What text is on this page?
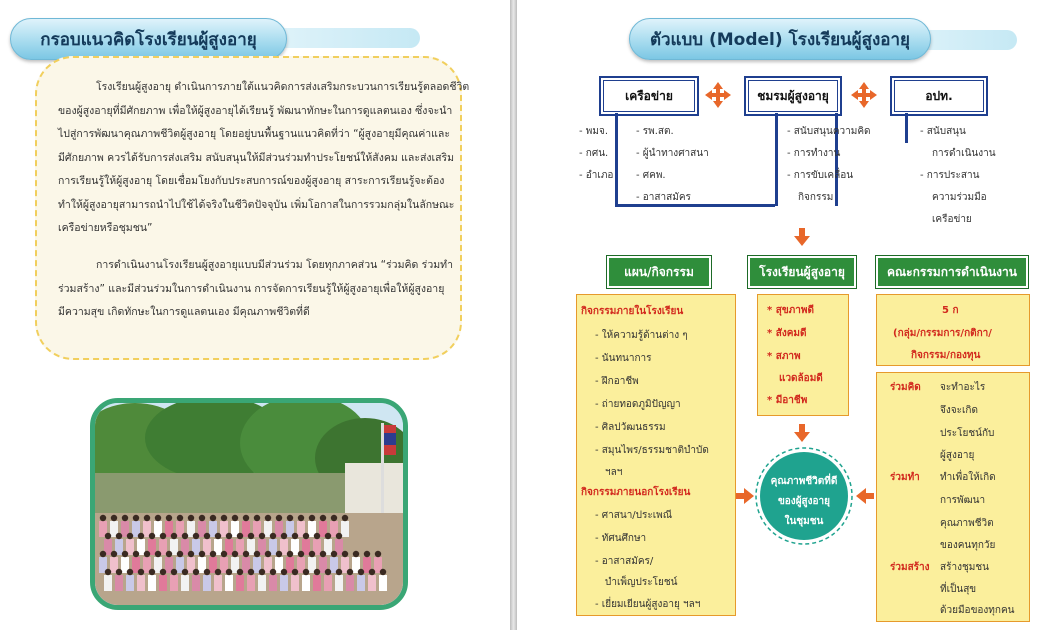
กรอบแนวคิดโรงเรียนผู้สูงอายุ
โรงเรียนผู้สูงอายุ ดำเนินการภายใต้แนวคิดการส่งเสริมกระบวนการเรียนรู้ตลอดชีวิต
ของผู้สูงอายุที่มีศักยภาพ เพื่อให้ผู้สูงอายุได้เรียนรู้ พัฒนาทักษะในการดูแลตนเอง ซึ่งจะนำ
ไปสู่การพัฒนาคุณภาพชีวิตผู้สูงอายุ โดยอยู่บนพื้นฐานแนวคิดที่ว่า “ผู้สูงอายุมีคุณค่าและ
มีศักยภาพ ควรได้รับการส่งเสริม สนับสนุนให้มีส่วนร่วมทำประโยชน์ให้สังคม และส่งเสริม
การเรียนรู้ให้ผู้สูงอายุ โดยเชื่อมโยงกับประสบการณ์ของผู้สูงอายุ สาระการเรียนรู้จะต้อง
ทำให้ผู้สูงอายุสามารถนำไปใช้ได้จริงในชีวิตปัจจุบัน เพิ่มโอกาสในการรวมกลุ่มในลักษณะ
เครือข่ายหรือชุมชน”
การดำเนินงานโรงเรียนผู้สูงอายุแบบมีส่วนร่วม โดยทุกภาคส่วน “ร่วมคิด ร่วมทำ
ร่วมสร้าง” และมีส่วนร่วมในการดำเนินงาน การจัดการเรียนรู้ให้ผู้สูงอายุเพื่อให้ผู้สูงอายุ
มีความสุข เกิดทักษะในการดูแลตนเอง มีคุณภาพชีวิตที่ดี
ตัวแบบ (Model) โรงเรียนผู้สูงอายุ
เครือข่าย	ชมรมผู้สูงอายุ	อปท.
- พมจ.
- กศน.
- อำเภอ
- รพ.สต.
- ผู้นำทางศาสนา
- ศคพ.
- อาสาสมัคร
- สนับสนุนความคิด
- การทำงาน
- การขับเคลื่อน
กิจกรรม
- สนับสนุน
การดำเนินงาน
- การประสาน
ความร่วมมือ
เครือข่าย
แผน/กิจกรรม	โรงเรียนผู้สูงอายุ	คณะกรรมการดำเนินงาน
กิจกรรมภายในโรงเรียน
- ให้ความรู้ด้านต่าง ๆ
- นันทนาการ
- ฝึกอาชีพ
- ถ่ายทอดภูมิปัญญา
- ศิลปวัฒนธรรม
- สมุนไพร/ธรรมชาติบำบัด
ฯลฯ
กิจกรรมภายนอกโรงเรียน
- ศาสนา/ประเพณี
- ทัศนศึกษา
- อาสาสมัคร/
บำเพ็ญประโยชน์
- เยี่ยมเยียนผู้สูงอายุ ฯลฯ
* สุขภาพดี
* สังคมดี
* สภาพ
แวดล้อมดี
* มีอาชีพ
5 ก
(กลุ่ม/กรรมการ/กติกา/
กิจกรรม/กองทุน
ร่วมคิด จะทำอะไร
จึงจะเกิด
ประโยชน์กับ
ผู้สูงอายุ
ร่วมทำ ทำเพื่อให้เกิด
การพัฒนา
คุณภาพชีวิต
ของคนทุกวัย
ร่วมสร้าง สร้างชุมชน
ที่เป็นสุข
ด้วยมือของทุกคน
คุณภาพชีวิตที่ดี
ของผู้สูงอายุ
ในชุมชน
